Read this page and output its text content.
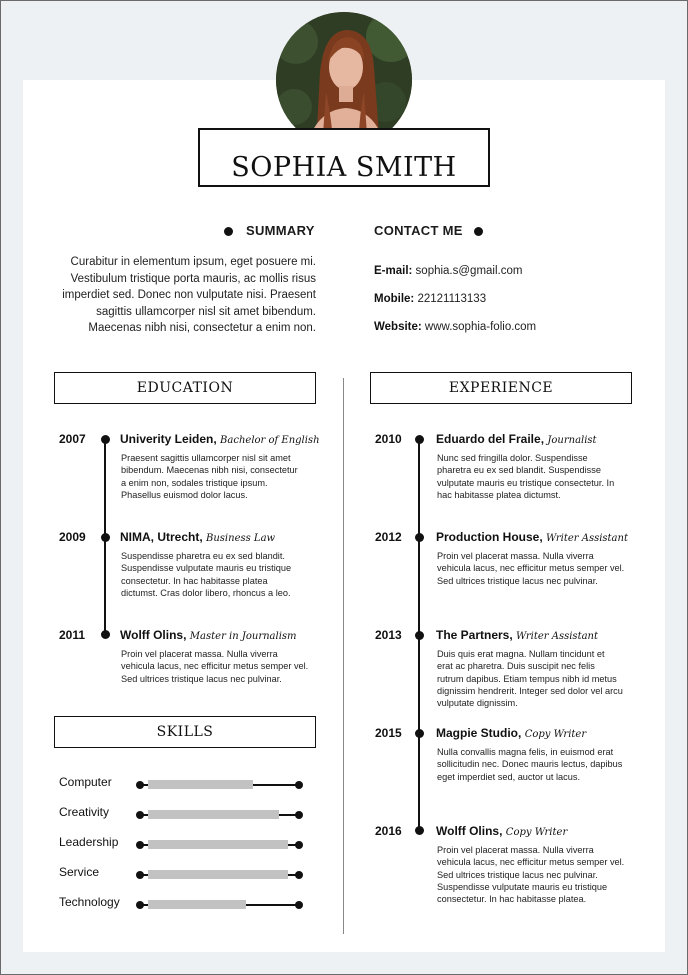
SOPHIA SMITH
SUMMARY
Curabitur in elementum ipsum, eget posuere mi.
Vestibulum tristique porta mauris, ac mollis risus
imperdiet sed. Donec non vulputate nisi. Praesent
sagittis ullamcorper nisl sit amet bibendum.
Maecenas nibh nisi, consectetur a enim non.
CONTACT ME
E-mail: sophia.s@gmail.com
Mobile: 22121113133
Website: www.sophia-folio.com
EDUCATION	EXPERIENCE
2007	Univerity Leiden, Bachelor of English
Praesent sagittis ullamcorper nisl sit amet
bibendum. Maecenas nibh nisi, consectetur
a enim non, sodales tristique ipsum.
Phasellus euismod dolor lacus.
2009	NIMA, Utrecht, Business Law
Suspendisse pharetra eu ex sed blandit.
Suspendisse vulputate mauris eu tristique
consectetur. In hac habitasse platea
dictumst. Cras dolor libero, rhoncus a leo.
2011	Wolff Olins, Master in Journalism
Proin vel placerat massa. Nulla viverra
vehicula lacus, nec efficitur metus semper vel.
Sed ultrices tristique lacus nec pulvinar.
2010	Eduardo del Fraile, Journalist
Nunc sed fringilla dolor. Suspendisse
pharetra eu ex sed blandit. Suspendisse
vulputate mauris eu tristique consectetur. In
hac habitasse platea dictumst.
2012	Production House, Writer Assistant
Proin vel placerat massa. Nulla viverra
vehicula lacus, nec efficitur metus semper vel.
Sed ultrices tristique lacus nec pulvinar.
2013	The Partners, Writer Assistant
Duis quis erat magna. Nullam tincidunt et
erat ac pharetra. Duis suscipit nec felis
rutrum dapibus. Etiam tempus nibh id metus
dignissim hendrerit. Integer sed dolor vel arcu
vulputate dignissim.
2015	Magpie Studio, Copy Writer
Nulla convallis magna felis, in euismod erat
sollicitudin nec. Donec mauris lectus, dapibus
eget imperdiet sed, auctor ut lacus.
2016	Wolff Olins, Copy Writer
Proin vel placerat massa. Nulla viverra
vehicula lacus, nec efficitur metus semper vel.
Sed ultrices tristique lacus nec pulvinar.
Suspendisse vulputate mauris eu tristique
consectetur. In hac habitasse platea.
SKILLS
Computer
Creativity
Leadership
Service
Technology
